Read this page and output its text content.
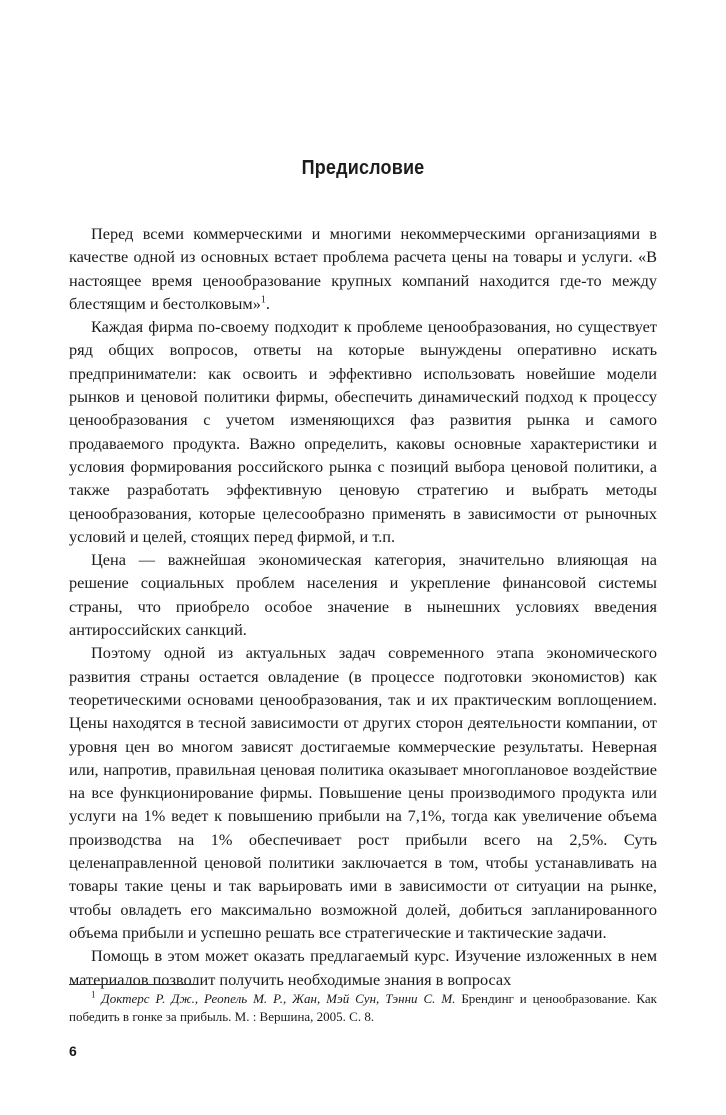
Предисловие

Перед всеми коммерческими и многими некоммерческими организациями в качестве одной из основных встает проблема расчета цены на товары и услуги. «В настоящее время ценообразование крупных компаний находится где-то между блестящим и бестолковым»$^1$.

Каждая фирма по-своему подходит к проблеме ценообразования, но существует ряд общих вопросов, ответы на которые вынуждены оперативно искать предприниматели: как освоить и эффективно использовать новейшие модели рынков и ценовой политики фирмы, обеспечить динамический подход к процессу ценообразования с учетом изменяющихся фаз развития рынка и самого продаваемого продукта. Важно определить, каковы основные характеристики и условия формирования российского рынка с позиций выбора ценовой политики, а также разработать эффективную ценовую стратегию и выбрать методы ценообразования, которые целесообразно применять в зависимости от рыночных условий и целей, стоящих перед фирмой, и т.п.

Цена — важнейшая экономическая категория, значительно влияющая на решение социальных проблем населения и укрепление финансовой системы страны, что приобрело особое значение в нынешних условиях введения антироссийских санкций.

Поэтому одной из актуальных задач современного этапа экономического развития страны остается овладение (в процессе подготовки экономистов) как теоретическими основами ценообразования, так и их практическим воплощением. Цены находятся в тесной зависимости от других сторон деятельности компании, от уровня цен во многом зависят достигаемые коммерческие результаты. Неверная или, напротив, правильная ценовая политика оказывает многоплановое воздействие на все функционирование фирмы. Повышение цены производимого продукта или услуги на 1% ведет к повышению прибыли на 7,1%, тогда как увеличение объема производства на 1% обеспечивает рост прибыли всего на 2,5%. Суть целенаправленной ценовой политики заключается в том, чтобы устанавливать на товары такие цены и так варьировать ими в зависимости от ситуации на рынке, чтобы овладеть его максимально возможной долей, добиться запланированного объема прибыли и успешно решать все стратегические и тактические задачи.

Помощь в этом может оказать предлагаемый курс. Изучение изложенных в нем материалов позволит получить необходимые знания в вопросах

$^1$ Доктерс Р. Дж., Реопель М. Р., Жан, Мэй Сун, Тэнни С. М. Брендинг и ценообразование. Как победить в гонке за прибыль. М. : Вершина, 2005. С. 8.

6
